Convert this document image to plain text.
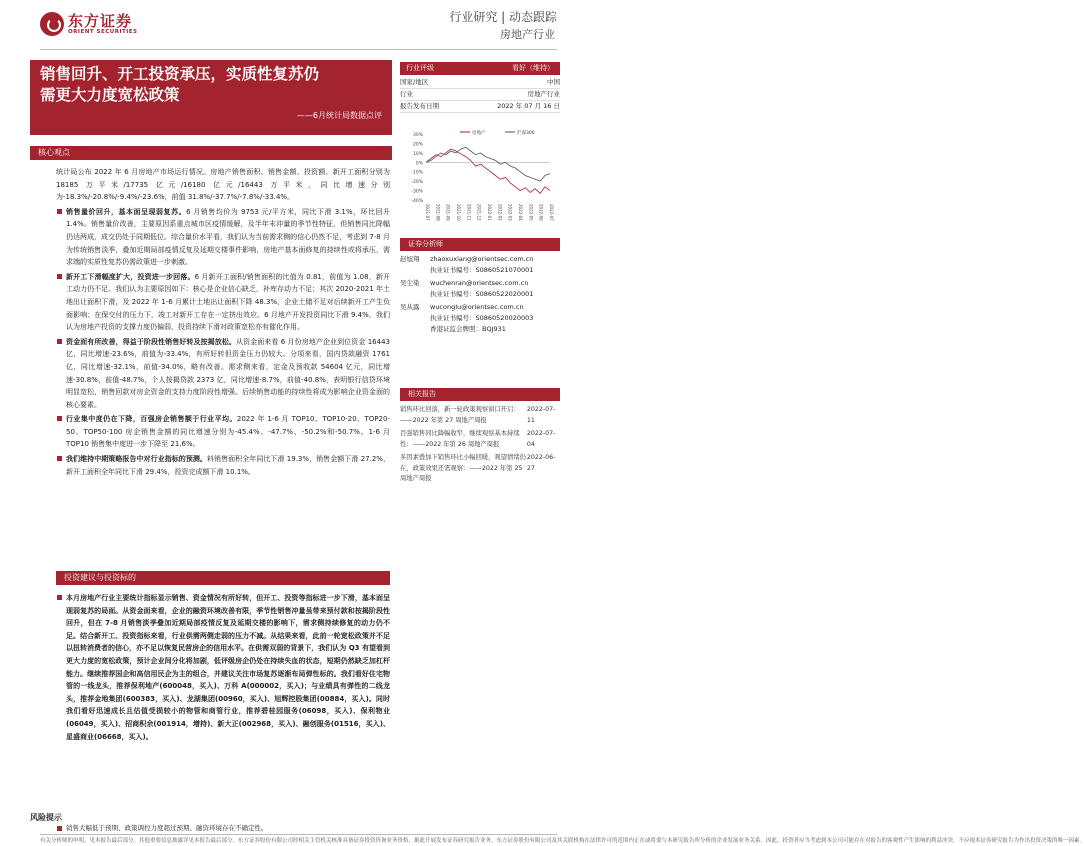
东方证券
ORIENT SECURITIES
行业研究 | 动态跟踪
房地产行业
销售回升、开工投资承压，实质性复苏仍
需更大力度宽松政策
——6月统计局数据点评
核心观点

统计局公布 2022 年 6 月房地产市场运行情况。房地产销售面积、销售金额、投资额、新开工面积分别为 18185 万平米/17735 亿元/16180 亿元/16443 万平米，同比增速分别为-18.3%/-20.8%/-9.4%/-23.6%，前值 31.8%/-37.7%/-7.8%/-33.4%。

销售量价回升，基本面呈现弱复苏。6 月销售均价为 9753 元/平方米，同比下滑 3.1%，环比回升 1.4%。销售量价改善，主要原因系重点城市区疫情缓解，及半年末冲量的季节性特征，但销售同比降幅仍达两成，成交仍处于同期低位。综合量价水平看，我们认为当前需求侧的信心仍然不足，考虑到 7-8 月为传统销售淡季，叠加近期局部疫情反复及延期交楼事件影响，房地产基本面修复的持续性或将承压，需求端的实质性复苏仍需政策进一步刺激。
新开工下滑幅度扩大，投资进一步回落。6 月新开工面积/销售面积的比值为 0.81，前值为 1.08，新开工动力仍不足。我们认为主要原因如下：核心是企业信心缺乏，补库存动力不足；其次 2020-2021 年土地出让面积下滑，及 2022 年 1-6 月累计土地出让面积下降 48.3%，企业土储不足对后续新开工产生负面影响；在保交付的压力下，竣工对新开工存在一定挤出效应。6 月地产开发投资同比下滑 9.4%，我们认为房地产投资的支撑力度仍偏弱，投资持续下滑对政策宽松亦有催化作用。
资金面有所改善，得益于阶段性销售好转及按揭放松。从资金面来看 6 月份房地产企业到位资金 16443 亿，同比增速-23.6%，前值为-33.4%，有所好转但资金压力仍较大。分项来看，国内贷款融资 1761 亿，同比增速-32.1%，前值-34.0%，略有改善。需求侧来看，定金及预收款 54604 亿元，同比增速-30.8%，前值-48.7%，个人按揭贷款 2373 亿，同比增速-8.7%，前值-40.8%，表明银行信贷环境明显宽松，销售回款对房企资金的支持力度阶段性增强。后续销售动能的持续性将成为影响企业资金面的核心要素。
行业集中度仍在下降，百强房企销售额于行业平均。2022 年 1-6 月 TOP10、TOP10-20、TOP20-50、TOP50-100 房企销售金额的同比增速分别为-45.4%、-47.7%、-50.2%和-50.7%。1-6 月 TOP10 销售集中度进一步下降至 21.6%。
我们维持中期策略报告中对行业指标的预测。料销售面积全年同比下滑 19.3%，销售金额下滑 27.2%，新开工面积全年同比下滑 29.4%，投资完成额下滑 10.1%。
投资建议与投资标的

本月房地产行业主要统计指标显示销售、资金情况有所好转，但开工、投资等指标进一步下滑，基本面呈现弱复苏的局面。从资金面来看，企业的融资环境改善有限，季节性销售冲量虽带来预付款和按揭阶段性回升，但在 7-8 月销售淡季叠加近期局部疫情反复及延期交楼的影响下，需求侧持续修复的动力仍不足。结合新开工、投资指标来看，行业供需两侧走弱的压力不减。从结果来看，此前一轮宽松政策并不足以扭转消费者的信心，亦不足以恢复民营房企的信用水平。在供需双弱的背景下，我们认为 Q3 有望看到更大力度的宽松政策，预计企业间分化将加剧，低评级房企仍处在持续失血的状态，短期仍然缺乏加杠杆能力。继续推荐国企和高信用民企为主的组合，并建议关注市场复苏逐渐布局弹性标的。我们看好住宅物管的一线龙头，推荐保利地产(600048，买入)、万科 A(000002，买入)；与业绩具有弹性的二线龙头，推荐金地集团(600383，买入)、龙湖集团(00960，买入)、旭辉控股集团(00884，买入)。同时我们看好迅速成长且估值受损较小的物管和商管行业，推荐碧桂园服务(06098，买入)、保利物业(06049，买入)、招商积余(001914，增持)、新大正(002968，买入)、融创服务(01516，买入)、星盛商业(06668，买入)。

风险提示
行业评级	看好（维持）
国家/地区	中国
行业	房地产行业
报告发布日期	2022 年 07 月 16 日
30%
20%
10%
0%
-10%
-20%
-30%
-40%
2021-07 2021-08 2021-09 2021-10 2021-11 2021-12 2022-01 2022-02 2022-03 2022-04 2022-05 2022-06 2022-07
房地产	沪深300
证券分析师
赵旭翔	zhaoxuxiang@orientsec.com.cn
执业证书编号：S0860521070001
吴尘染	wuchenran@orientsec.com.cn
执业证书编号：S0860522020001
吴从露	wucongIu@orientsec.com.cn
执业证书编号：S0860520020003
香港证监会牌照：BQJ931
相关报告
销售环比回落，新一轮政策观察窗口开启：——2022 年第 27 周地产周报
2022-07-11
百强销售同比降幅收窄，继续观察基本持续性：——2022 年第 26 周地产周报
2022-07-04
多因素叠加下销售环比小幅回暖，观望情绪仍在，政策效果还需观察：——2022 年第 25 周地产周报
2022-06-27
有关分析师的申明，见本报告最后部分。其他重要信息披露详见本报告最后部分。东方证券股份有限公司经相关主管机关核准具备证券投资咨询业务资格，据此开展发布证券研究报告业务。东方证券股份有限公司及其关联机构在法律许可的范围内正在或将要与本研究报告所分析的企业发展业务关系。因此，投资者应当考虑到本公司可能存在对报告的客观性产生影响的利益冲突，不应视本证券研究报告为作出投资决策的唯一因素。
销售大幅低于预期、政策调控力度超过预期、融资环境存在不确定性。
